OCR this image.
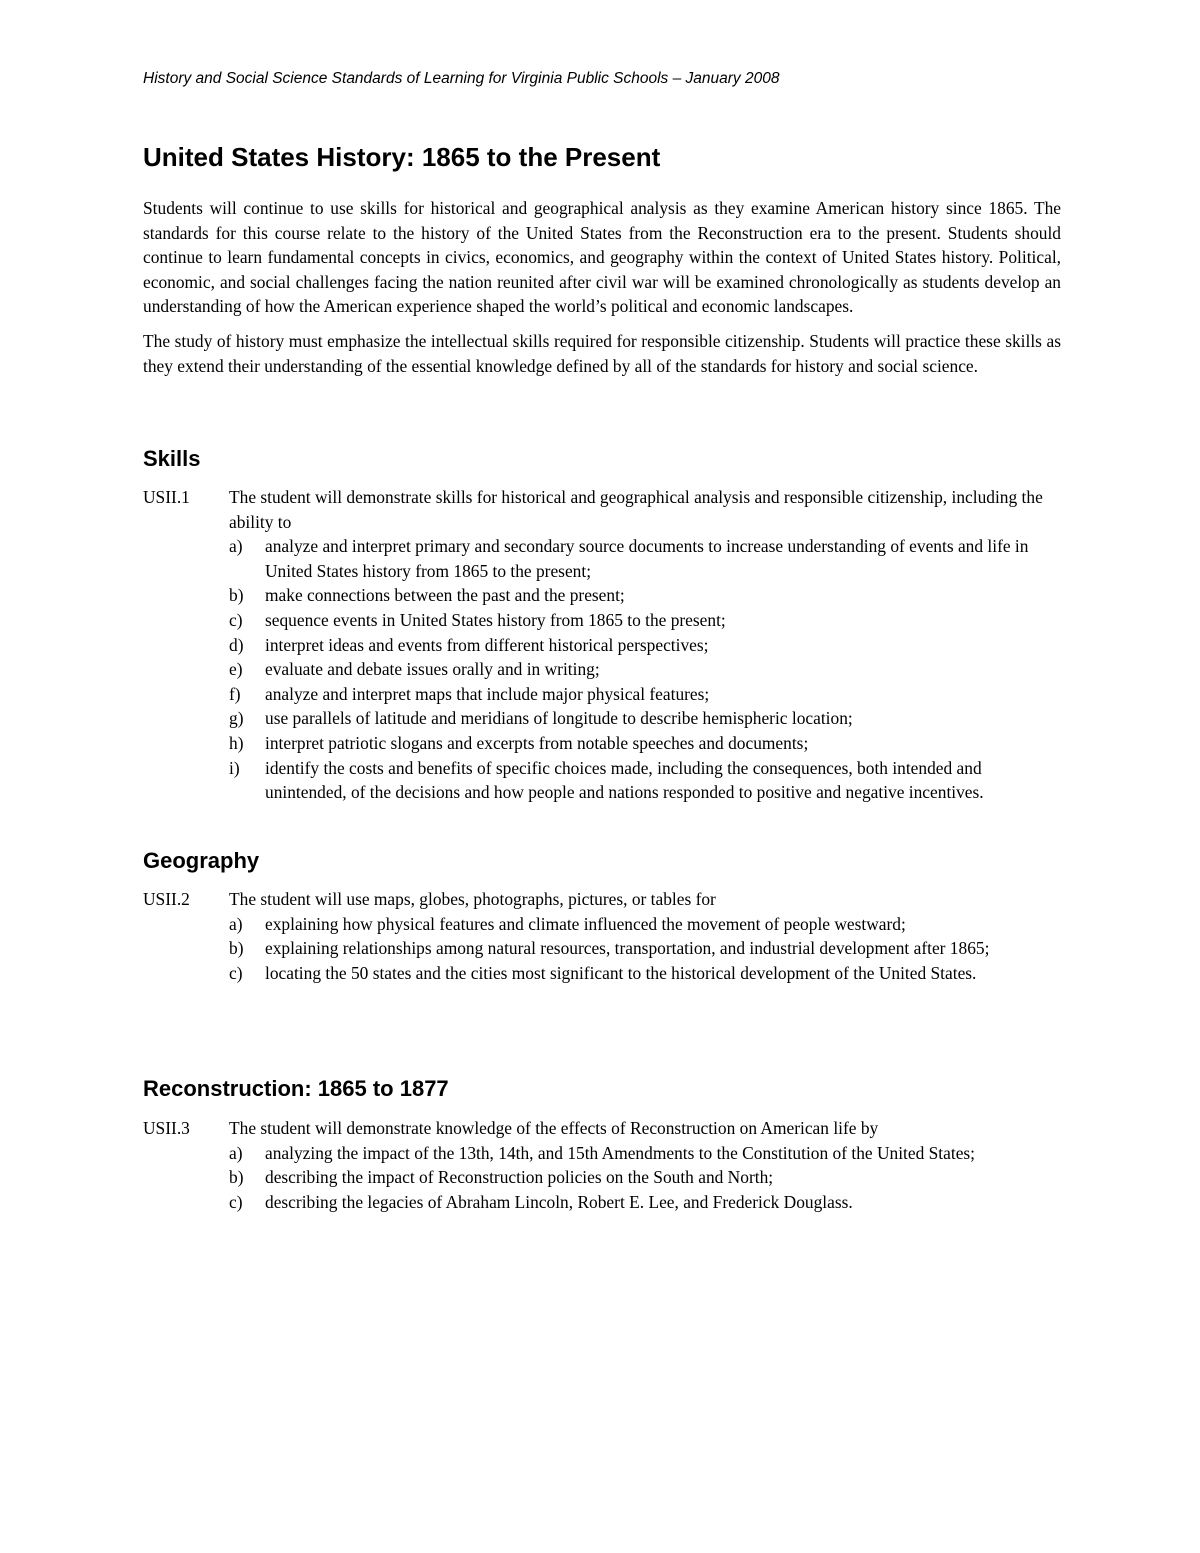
History and Social Science Standards of Learning for Virginia Public Schools – January 2008
United States History: 1865 to the Present

Students will continue to use skills for historical and geographical analysis as they examine American history since 1865. The standards for this course relate to the history of the United States from the Reconstruction era to the present. Students should continue to learn fundamental concepts in civics, economics, and geography within the context of United States history. Political, economic, and social challenges facing the nation reunited after civil war will be examined chronologically as students develop an understanding of how the American experience shaped the world’s political and economic landscapes.

The study of history must emphasize the intellectual skills required for responsible citizenship. Students will practice these skills as they extend their understanding of the essential knowledge defined by all of the standards for history and social science.

Skills
USII.1	The student will demonstrate skills for historical and geographical analysis and responsible citizenship, including the ability to
a)	analyze and interpret primary and secondary source documents to increase understanding of events and life in United States history from 1865 to the present;
b)	make connections between the past and the present;
c)	sequence events in United States history from 1865 to the present;
d)	interpret ideas and events from different historical perspectives;
e)	evaluate and debate issues orally and in writing;
f)	analyze and interpret maps that include major physical features;
g)	use parallels of latitude and meridians of longitude to describe hemispheric location;
h)	interpret patriotic slogans and excerpts from notable speeches and documents;
i)	identify the costs and benefits of specific choices made, including the consequences, both intended and unintended, of the decisions and how people and nations responded to positive and negative incentives.
Geography
USII.2	The student will use maps, globes, photographs, pictures, or tables for
a)	explaining how physical features and climate influenced the movement of people westward;
b)	explaining relationships among natural resources, transportation, and industrial development after 1865;
c)	locating the 50 states and the cities most significant to the historical development of the United States.
Reconstruction: 1865 to 1877
USII.3	The student will demonstrate knowledge of the effects of Reconstruction on American life by
a)	analyzing the impact of the 13th, 14th, and 15th Amendments to the Constitution of the United States;
b)	describing the impact of Reconstruction policies on the South and North;
c)	describing the legacies of Abraham Lincoln, Robert E. Lee, and Frederick Douglass.
